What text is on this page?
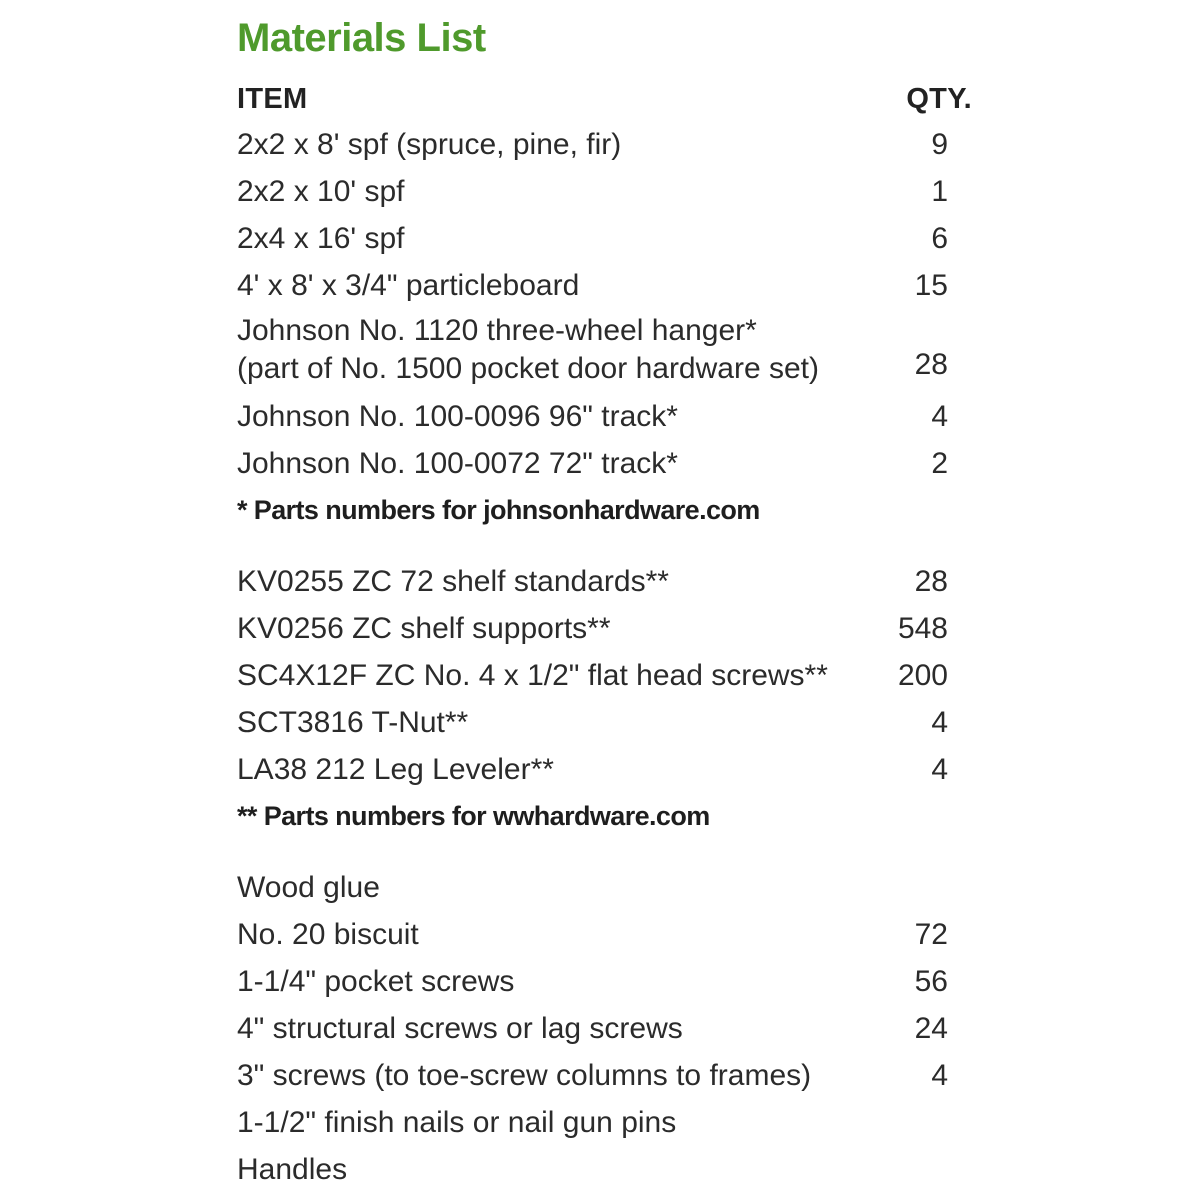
Materials List
ITEM	QTY.
2x2 x 8' spf (spruce, pine, fir)	9
2x2 x 10' spf	1
2x4 x 16' spf	6
4' x 8' x 3/4" particleboard	15
Johnson No. 1120 three-wheel hanger*
(part of No. 1500 pocket door hardware set)	28
Johnson No. 100-0096 96" track*	4
Johnson No. 100-0072 72" track*	2
* Parts numbers for johnsonhardware.com
KV0255 ZC 72 shelf standards**	28
KV0256 ZC shelf supports**	548
SC4X12F ZC No. 4 x 1/2" flat head screws** 200
SCT3816 T-Nut**	4
LA38 212 Leg Leveler**	4
** Parts numbers for wwhardware.com
Wood glue
No. 20 biscuit	72
1-1/4" pocket screws	56
4" structural screws or lag screws	24
3" screws (to toe-screw columns to frames)	4
1-1/2" finish nails or nail gun pins
Handles
